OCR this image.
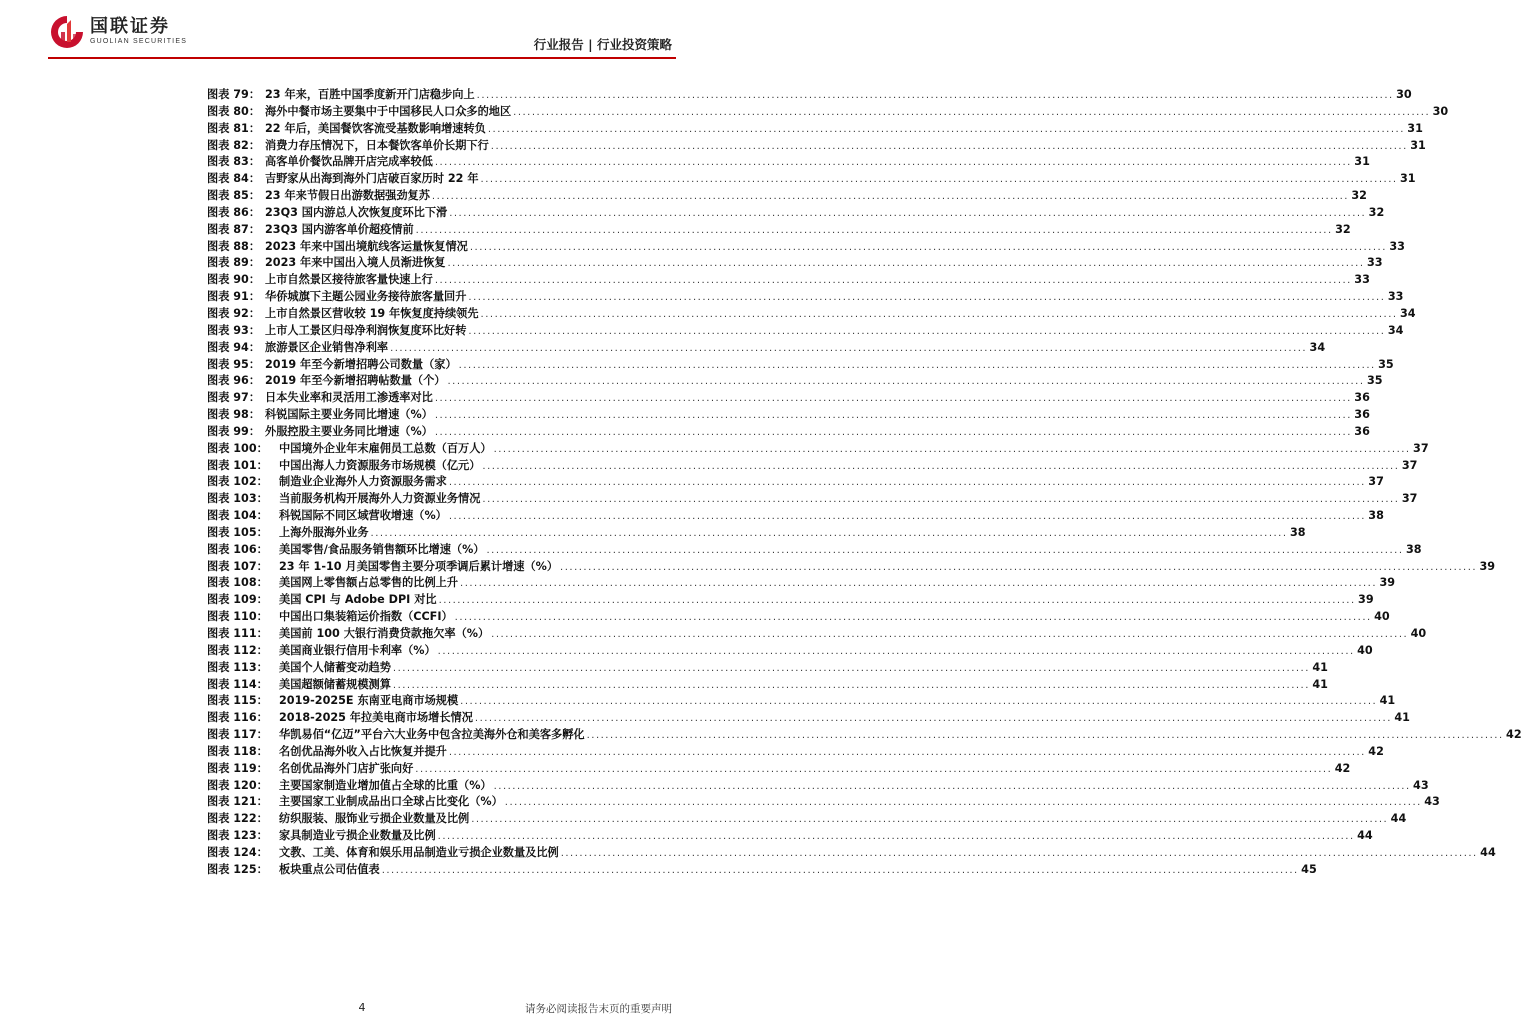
国联证券
GUOLIAN SECURITIES	行业报告 | 行业投资策略
图表 79： 23 年来，百胜中国季度新开门店稳步向上 .....	30
图表 80： 海外中餐市场主要集中于中国移民人口众多的地区 .....	30
图表 81： 22 年后，美国餐饮客流受基数影响增速转负 .....	31
图表 82： 消费力存压情况下，日本餐饮客单价长期下行 .....	31
图表 83： 高客单价餐饮品牌开店完成率较低 .....	31
图表 84： 吉野家从出海到海外门店破百家历时 22 年 .....	31
图表 85： 23 年来节假日出游数据强劲复苏 .....	32
图表 86： 23Q3 国内游总人次恢复度环比下滑 .....	32
图表 87： 23Q3 国内游客单价超疫情前 .....	32
图表 88： 2023 年来中国出境航线客运量恢复情况 .....	33
图表 89： 2023 年来中国出入境人员渐进恢复 .....	33
图表 90： 上市自然景区接待旅客量快速上行 .....	33
图表 91： 华侨城旗下主题公园业务接待旅客量回升 .....	33
图表 92： 上市自然景区营收较 19 年恢复度持续领先 .....	34
图表 93： 上市人工景区归母净利润恢复度环比好转 .....	34
图表 94： 旅游景区企业销售净利率 .....	34
图表 95： 2019 年至今新增招聘公司数量（家） .....	35
图表 96： 2019 年至今新增招聘帖数量（个） .....	35
图表 97： 日本失业率和灵活用工渗透率对比 .....	36
图表 98： 科锐国际主要业务同比增速（%） .....	36
图表 99： 外服控股主要业务同比增速（%） .....	36
图表 100： 中国境外企业年末雇佣员工总数（百万人） .....	37
图表 101： 中国出海人力资源服务市场规模（亿元） .....	37
图表 102： 制造业企业海外人力资源服务需求 .....	37
图表 103： 当前服务机构开展海外人力资源业务情况 .....	37
图表 104： 科锐国际不同区域营收增速（%） .....	38
图表 105： 上海外服海外业务 .....	38
图表 106： 美国零售/食品服务销售额环比增速（%） .....	38
图表 107： 23 年 1-10 月美国零售主要分项季调后累计增速（%） .....	39
图表 108： 美国网上零售额占总零售的比例上升 .....	39
图表 109： 美国 CPI 与 Adobe DPI 对比 .....	39
图表 110： 中国出口集装箱运价指数（CCFI） .....	40
图表 111： 美国前 100 大银行消费贷款拖欠率（%） .....	40
图表 112： 美国商业银行信用卡利率（%） .....	40
图表 113： 美国个人储蓄变动趋势 .....	41
图表 114： 美国超额储蓄规模测算 .....	41
图表 115： 2019-2025E 东南亚电商市场规模 .....	41
图表 116： 2018-2025 年拉美电商市场增长情况 .....	41
图表 117： 华凯易佰“亿迈”平台六大业务中包含拉美海外仓和美客多孵化 .....	42
图表 118： 名创优品海外收入占比恢复并提升 .....	42
图表 119： 名创优品海外门店扩张向好 .....	42
图表 120： 主要国家制造业增加值占全球的比重（%） .....	43
图表 121： 主要国家工业制成品出口全球占比变化（%） .....	43
图表 122： 纺织服装、服饰业亏损企业数量及比例 .....	44
图表 123： 家具制造业亏损企业数量及比例 .....	44
图表 124： 文教、工美、体育和娱乐用品制造业亏损企业数量及比例 .....	44
图表 125： 板块重点公司估值表 .....	45
4	请务必阅读报告末页的重要声明
